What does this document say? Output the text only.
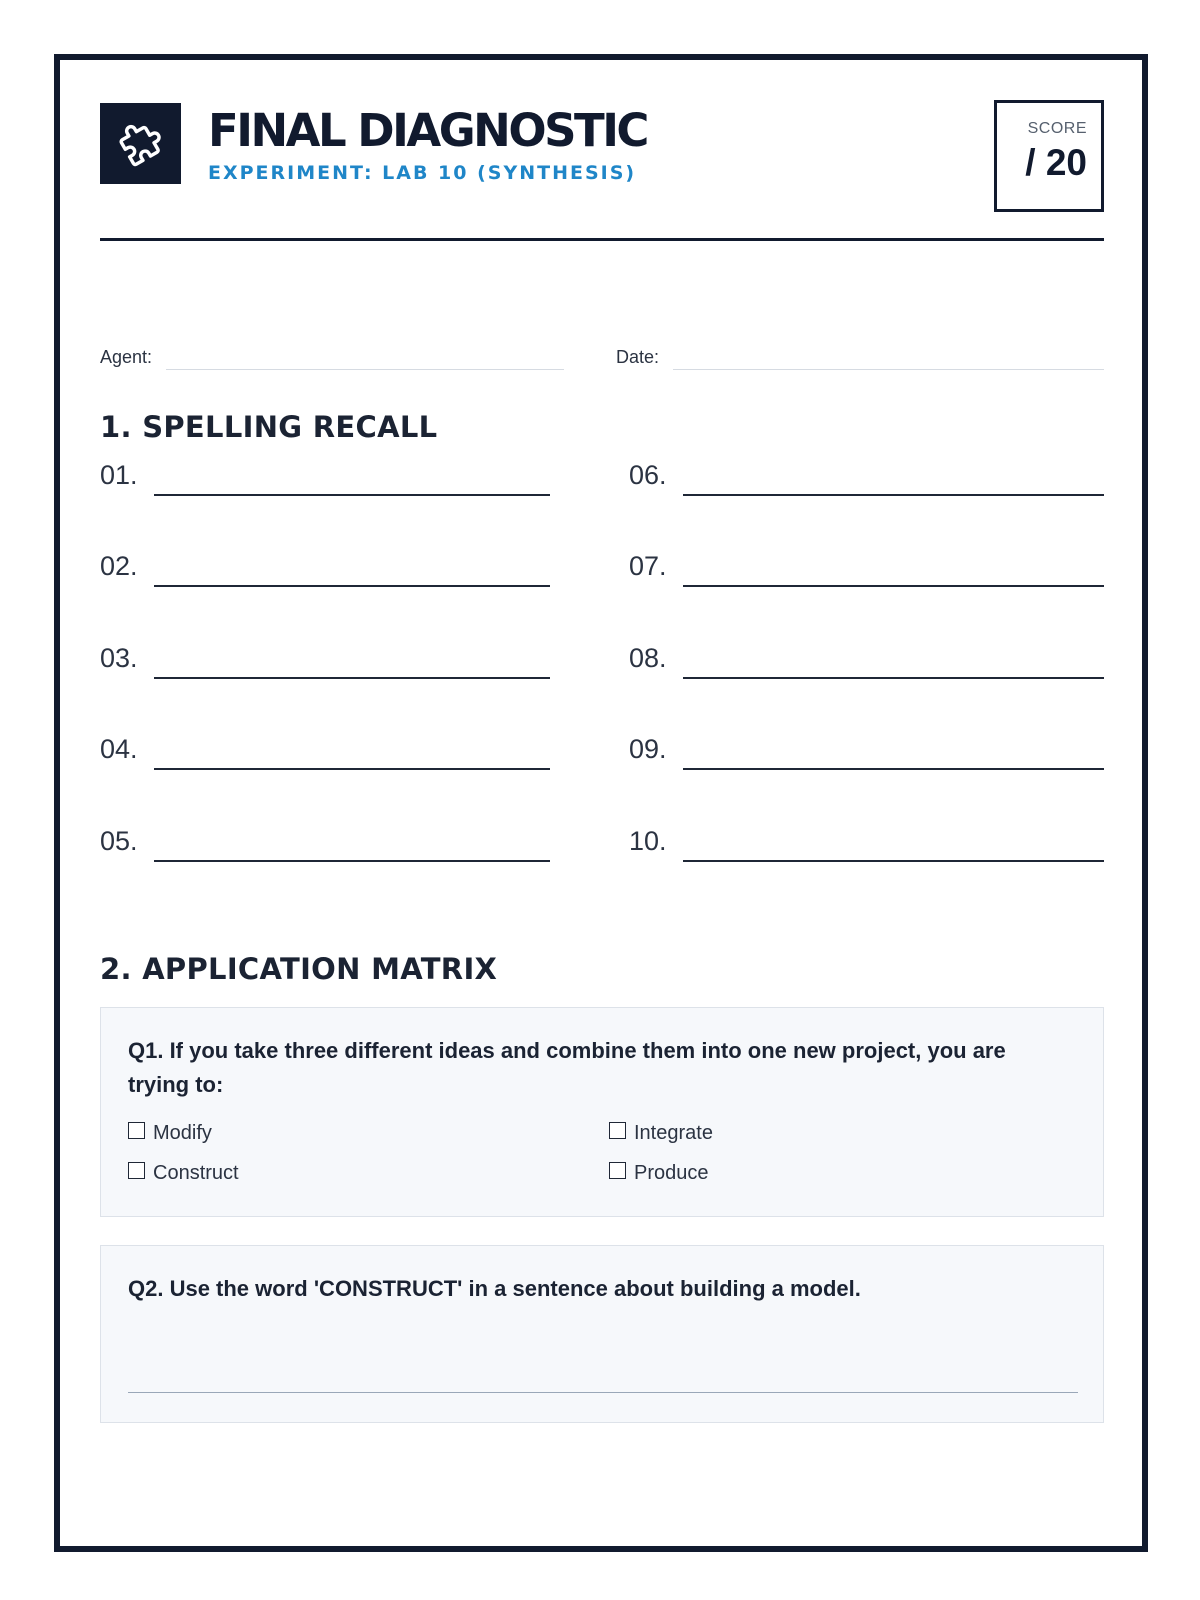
FINAL DIAGNOSTIC
EXPERIMENT: LAB 10 (SYNTHESIS)
SCORE
/ 20
Agent:	Date:
1. SPELLING RECALL
01.
02.
03.
04.
05.
06.
07.
08.
09.
10.
2. APPLICATION MATRIX
Q1. If you take three different ideas and combine them into one new project, you are trying to:
Modify	Integrate
Construct	Produce
Q2. Use the word 'CONSTRUCT' in a sentence about building a model.
